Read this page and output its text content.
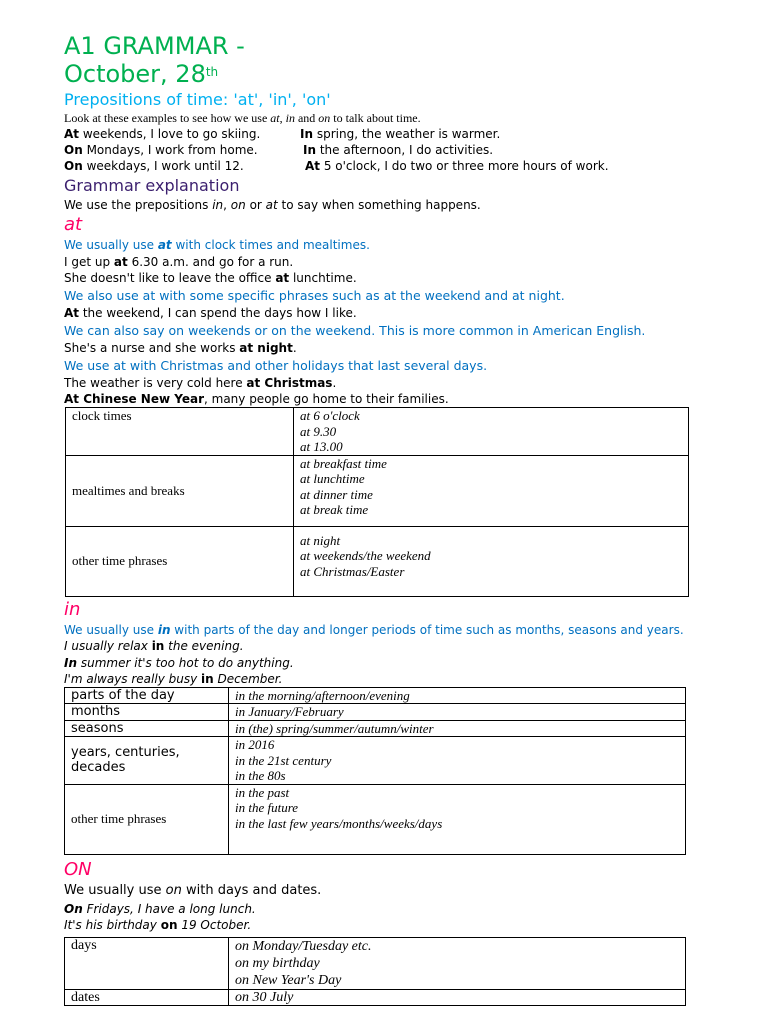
A1 GRAMMAR -
October, 28th
Prepositions of time: 'at', 'in', 'on'

Look at these examples to see how we use at, in and on to talk about time.

At weekends, I love to go skiing.

On Mondays, I work from home.

On weekdays, I work until 12.

In spring, the weather is warmer.

In the afternoon, I do activities.

At 5 o'clock, I do two or three more hours of work.

Grammar explanation

We use the prepositions in, on or at to say when something happens.

at

We usually use at with clock times and mealtimes.

I get up at 6.30 a.m. and go for a run.

She doesn't like to leave the office at lunchtime.

We also use at with some specific phrases such as at the weekend and at night.

At the weekend, I can spend the days how I like.

We can also say on weekends or on the weekend. This is more common in American English.

She's a nurse and she works at night.

We use at with Christmas and other holidays that last several days.

The weather is very cold here at Christmas.

At Chinese New Year, many people go home to their families.

clock times	at 6 o'clock
at 9.30
at 13.00

mealtimes and breaks	at breakfast time
at lunchtime
at dinner time
at break time

other time phrases	at night
at weekends/the weekend
at Christmas/Easter
in

We usually use in with parts of the day and longer periods of time such as months, seasons and years.

I usually relax in the evening.

In summer it's too hot to do anything.

I'm always really busy in December.

parts of the day	in the morning/afternoon/evening

months	in January/February

seasons	in (the) spring/summer/autumn/winter

years, centuries, decades	in 2016
in the 21st century
in the 80s

other time phrases	in the past
in the future
in the last few years/months/weeks/days
ON

We usually use on with days and dates.

On Fridays, I have a long lunch.

It's his birthday on 19 October.

days	on Monday/Tuesday etc.
on my birthday
on New Year's Day

dates	on 30 July
